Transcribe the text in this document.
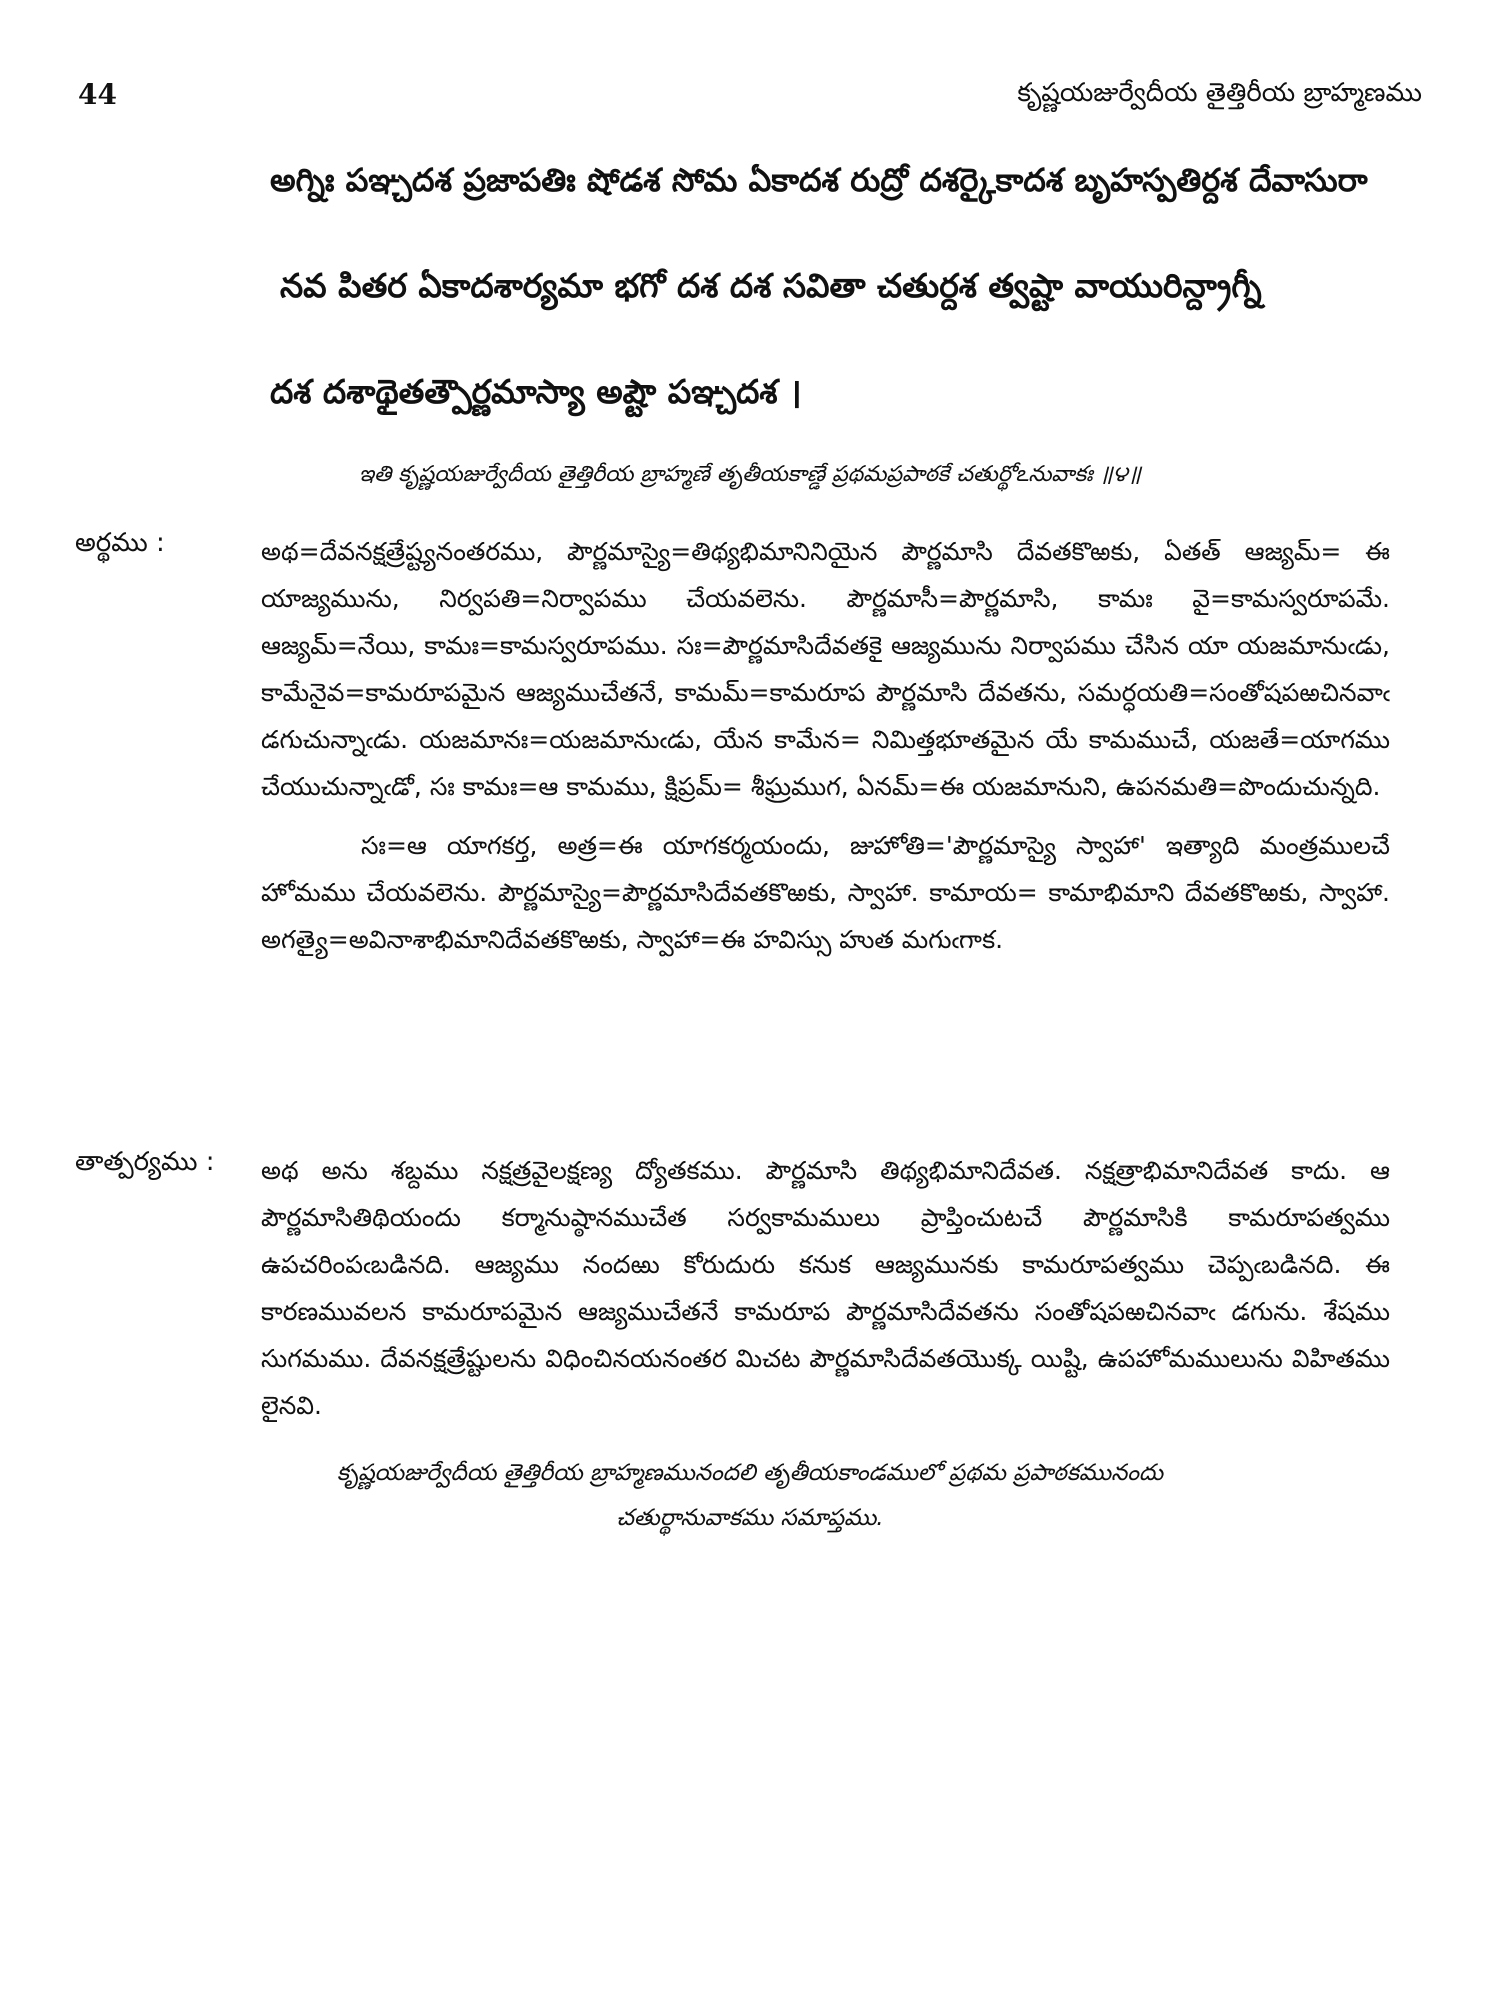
44	కృష్ణయజుర్వేదీయ తైత్తిరీయ బ్రాహ్మణము
అగ్నిః పఞ్చదశ ప్రజాపతిః షోడశ సోమ ఏకాదశ రుద్రో దశర్కైకాదశ బృహస్పతిర్దశ దేవాసురా
నవ పితర ఏకాదశార్యమా భగో దశ దశ సవితా చతుర్దశ త్వష్టా వాయురిన్ద్రాగ్నీ
దశ దశాథైతత్పౌర్ణమాస్యా అష్టౌ పఞ్చదశ ।
ఇతి కృష్ణయజుర్వేదీయ తైత్తిరీయ బ్రాహ్మణే తృతీయకాణ్డే ప్రథమప్రపాఠకే చతుర్థోఽనువాకః ॥౪॥
అర్థము :	అథ=దేవనక్షత్రేష్ట్యనంతరము, పౌర్ణమాస్యై=తిథ్యభిమానినియైన పౌర్ణమాసి దేవతకొఱకు, ఏతత్ ఆజ్యమ్= ఈ యాజ్యమును, నిర్వపతి=నిర్వాపము చేయవలెను. పౌర్ణమాసీ=పౌర్ణమాసి, కామః వై=కామస్వరూపమే. ఆజ్యమ్=నేయి, కామః=కామస్వరూపము. సః=పౌర్ణమాసిదేవతకై ఆజ్యమును నిర్వాపము చేసిన యా యజమానుఁడు, కామేనైవ=కామరూపమైన ఆజ్యముచేతనే, కామమ్=కామరూప పౌర్ణమాసి దేవతను, సమర్ధయతి=సంతోషపఱచినవాఁ డగుచున్నాఁడు. యజమానః=యజమానుఁడు, యేన కామేన= నిమిత్తభూతమైన యే కామముచే, యజతే=యాగము చేయుచున్నాఁడో, సః కామః=ఆ కామము, క్షిప్రమ్= శీఘ్రముగ, ఏనమ్=ఈ యజమానుని, ఉపనమతి=పొందుచున్నది.

సః=ఆ యాగకర్త, అత్ర=ఈ యాగకర్మయందు, జుహోతి='పౌర్ణమాస్యై స్వాహా' ఇత్యాది మంత్రములచే హోమము చేయవలెను. పౌర్ణమాస్యై=పౌర్ణమాసిదేవతకొఱకు, స్వాహా. కామాయ= కామాభిమాని దేవతకొఱకు, స్వాహా. అగత్యై=అవినాశాభిమానిదేవతకొఱకు, స్వాహా=ఈ హవిస్సు హుత మగుఁగాక.

తాత్పర్యము : అథ అను శబ్దము నక్షత్రవైలక్షణ్య ద్యోతకము. పౌర్ణమాసి తిథ్యభిమానిదేవత. నక్షత్రాభిమానిదేవత కాదు. ఆ పౌర్ణమాసితిథియందు కర్మానుష్ఠానముచేత సర్వకామములు ప్రాప్తించుటచే పౌర్ణమాసికి కామరూపత్వము ఉపచరింపఁబడినది. ఆజ్యము నందఱు కోరుదురు కనుక ఆజ్యమునకు కామరూపత్వము చెప్పఁబడినది. ఈ కారణమువలన కామరూపమైన ఆజ్యముచేతనే కామరూప పౌర్ణమాసిదేవతను సంతోషపఱచినవాఁ డగును. శేషము సుగమము. దేవనక్షత్రేష్టులను విధించినయనంతర మిచట పౌర్ణమాసిదేవతయొక్క యిష్టి, ఉపహోమములును విహితము లైనవి.

కృష్ణయజుర్వేదీయ తైత్తిరీయ బ్రాహ్మణమునందలి తృతీయకాండములో ప్రథమ ప్రపాఠకమునందు
చతుర్థానువాకము సమాప్తము.
